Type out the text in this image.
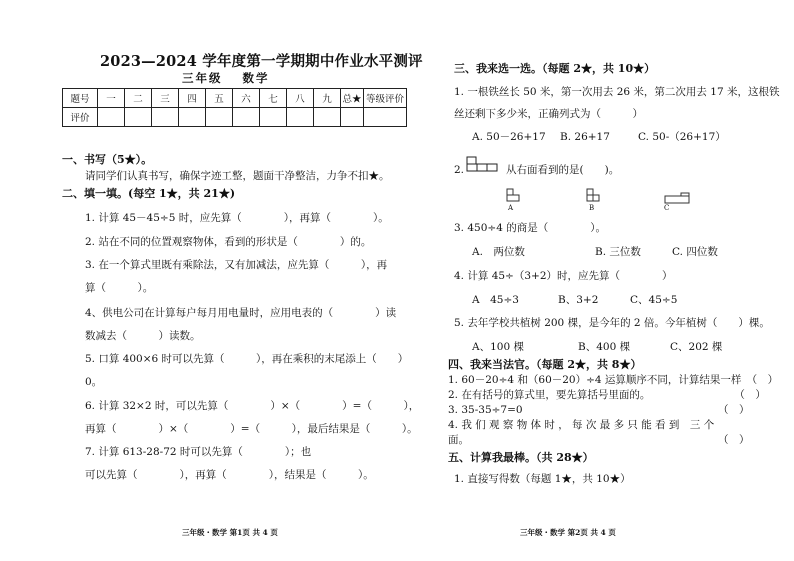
2023—2024 学年度第一学期期中作业水平测评
三年级 数学
题号	一	二	三	四	五	六	七	八	九	总★	等级评价
评价											
一、书写（5★）。
请同学们认真书写，确保字迹工整，题面干净整洁，力争不扣★。
二、填一填。(每空 1★，共 21★)
1. 计算 45－45÷5 时，应先算（　　　　），再算（　　　　）。
2. 站在不同的位置观察物体，看到的形状是（　　　　）的。
3. 在一个算式里既有乘除法，又有加减法，应先算（　　　），再
算（　　　）。
4、供电公司在计算每户每月用电量时，应用电表的（　　　　）读
数减去（　　　）读数。
5. 口算 400×6 时可以先算（　　　），再在乘积的末尾添上（　　）
0。
6. 计算 32×2 时，可以先算（　　　　）×（　　　　）=（　　　），
再算（　　　　）×（　　　　）=（　　　），最后结果是（　　　）。
7. 计算 613-28-72 时可以先算（　　　　）；也
可以先算（　　　　），再算（　　　　），结果是（　　　）。
三年级・数学 第1页 共 4 页
三、我来选一选。（每题 2★，共 10★）
1. 一根铁丝长 50 米，第一次用去 26 米，第二次用去 17 米，这根铁
丝还剩下多少米，正确列式为（　　　）
A. 50－26+17 B. 26+17	C. 50-（26+17）
2.　　　　从右面看到的是(　　)。
A	B	C
3. 450÷4 的商是（　　　　）。
A.　两位数	B. 三位数	C. 四位数
4. 计算 45÷（3+2）时，应先算（　　　　）
A　45÷3	B、3+2	C、45÷5
5. 去年学校共植树 200 棵，是今年的 2 倍。今年植树（　　）棵。
A、100 棵	B、400 棵	C、202 棵
四、我来当法官。（每题 2★，共 8★）
1. 60－20÷4 和（60－20）÷4 运算顺序不同，计算结果一样　（　）
2. 在有括号的算式里，要先算括号里面的。　　　　　　　　　（　）
3. 35-35÷7=0	（　）
4. 我 们 观 察 物 体 时 ， 每 次 最 多 只 能 看 到　三 个
面。	（　）
五、计算我最棒。（共 28★）
1. 直接写得数（每题 1★，共 10★）
三年级・数学 第2页 共 4 页
